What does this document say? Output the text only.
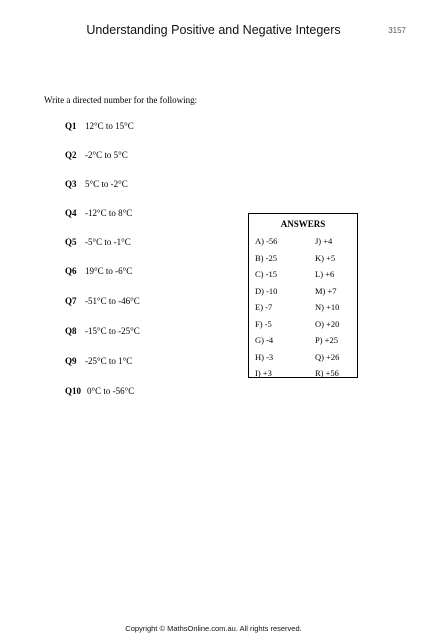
Understanding Positive and Negative Integers	3157
Write a directed number for the following:
Q1 12°C to 15°C
Q2 -2°C to 5°C
Q3 5°C to -2°C
Q4 -12°C to 8°C
Q5 -5°C to -1°C
Q6 19°C to -6°C
Q7 -51°C to -46°C
Q8 -15°C to -25°C
Q9 -25°C to 1°C
Q10 0°C to -56°C
ANSWERS
A) -56
B) -25
C) -15
D) -10
E) -7
F) -5
G) -4
H) -3
I) +3
J) +4
K) +5
L) +6
M) +7
N) +10
O) +20
P) +25
Q) +26
R) +56
Copyright © MathsOnline.com.au. All rights reserved.
